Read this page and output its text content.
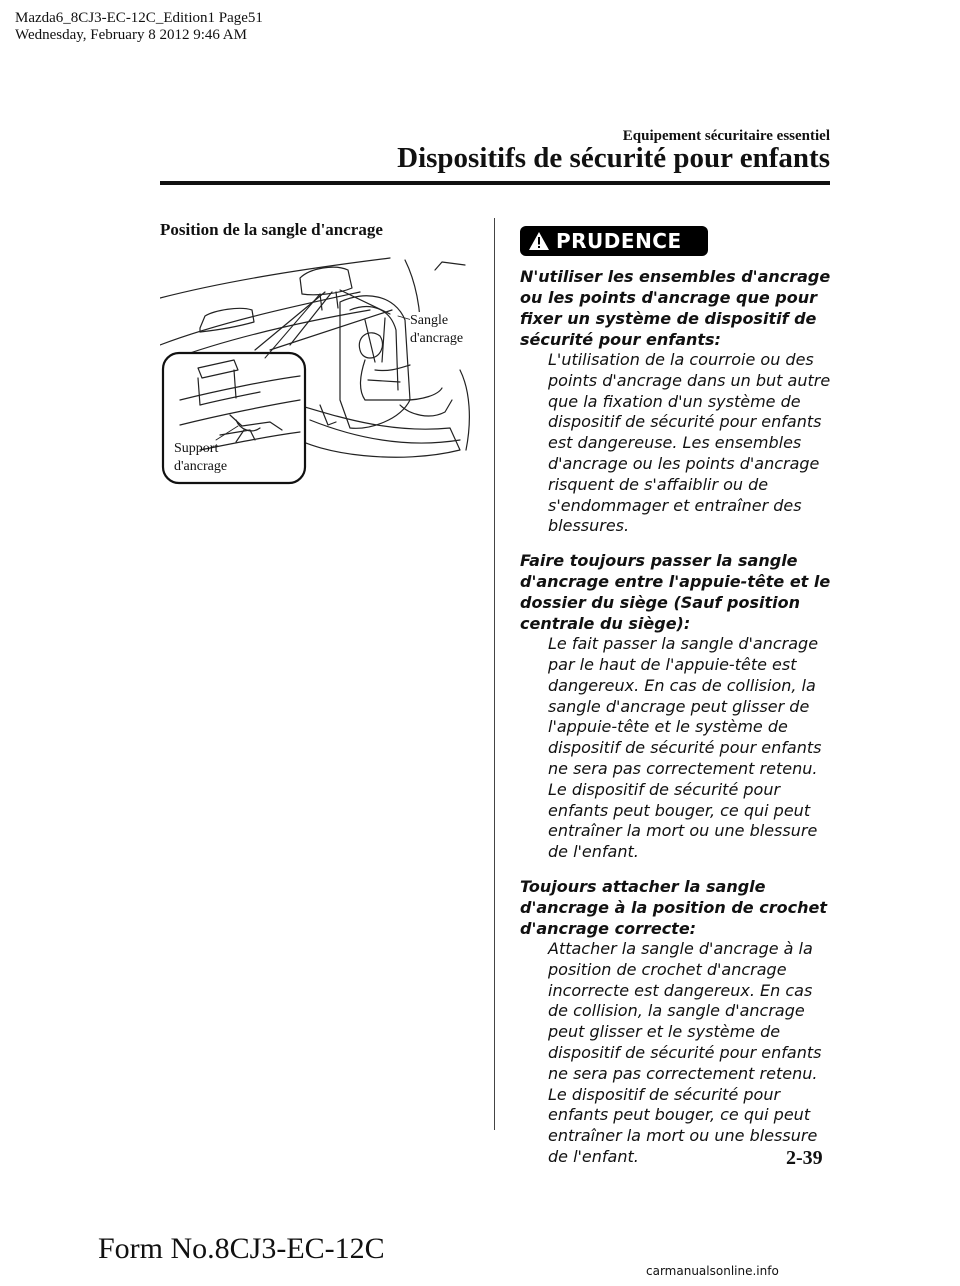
Mazda6_8CJ3-EC-12C_Edition1 Page51
Wednesday, February 8 2012 9:46 AM
Equipement sécuritaire essentiel
Dispositifs de sécurité pour enfants
Position de la sangle d'ancrage
Sangle
d'ancrage
Support
d'ancrage
PRUDENCE
N'utiliser les ensembles d'ancrage ou les points d'ancrage que pour fixer un système de dispositif de sécurité pour enfants:
L'utilisation de la courroie ou des points d'ancrage dans un but autre que la fixation d'un système de dispositif de sécurité pour enfants est dangereuse. Les ensembles d'ancrage ou les points d'ancrage risquent de s'affaiblir ou de s'endommager et entraîner des blessures.
Faire toujours passer la sangle d'ancrage entre l'appuie-tête et le dossier du siège (Sauf position centrale du siège):
Le fait passer la sangle d'ancrage par le haut de l'appuie-tête est dangereux. En cas de collision, la sangle d'ancrage peut glisser de l'appuie-tête et le système de dispositif de sécurité pour enfants ne sera pas correctement retenu. Le dispositif de sécurité pour enfants peut bouger, ce qui peut entraîner la mort ou une blessure de l'enfant.
Toujours attacher la sangle d'ancrage à la position de crochet d'ancrage correcte:
Attacher la sangle d'ancrage à la position de crochet d'ancrage incorrecte est dangereux. En cas de collision, la sangle d'ancrage peut glisser et le système de dispositif de sécurité pour enfants ne sera pas correctement retenu. Le dispositif de sécurité pour enfants peut bouger, ce qui peut entraîner la mort ou une blessure de l'enfant.	2-39
Form No.8CJ3-EC-12C
carmanualsonline.info
